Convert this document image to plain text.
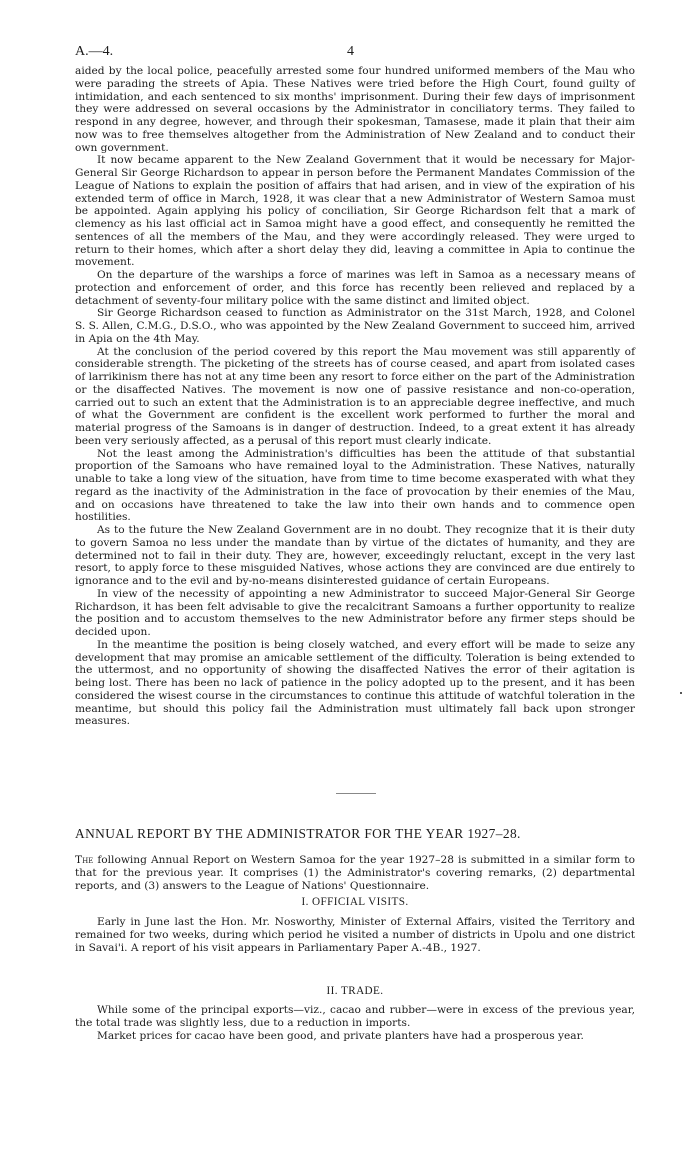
A.—4.	4

aided by the local police, peacefully arrested some four hundred uniformed members of the Mau who were parading the streets of Apia. These Natives were tried before the High Court, found guilty of intimidation, and each sentenced to six months' imprisonment. During their few days of imprisonment they were addressed on several occasions by the Administrator in conciliatory terms. They failed to respond in any degree, however, and through their spokesman, Tamasese, made it plain that their aim now was to free themselves altogether from the Administration of New Zealand and to conduct their own government.

It now became apparent to the New Zealand Government that it would be necessary for Major-General Sir George Richardson to appear in person before the Permanent Mandates Commission of the League of Nations to explain the position of affairs that had arisen, and in view of the expiration of his extended term of office in March, 1928, it was clear that a new Administrator of Western Samoa must be appointed. Again applying his policy of conciliation, Sir George Richardson felt that a mark of clemency as his last official act in Samoa might have a good effect, and consequently he remitted the sentences of all the members of the Mau, and they were accordingly released. They were urged to return to their homes, which after a short delay they did, leaving a committee in Apia to continue the movement.

On the departure of the warships a force of marines was left in Samoa as a necessary means of protection and enforcement of order, and this force has recently been relieved and replaced by a detachment of seventy-four military police with the same distinct and limited object.

Sir George Richardson ceased to function as Administrator on the 31st March, 1928, and Colonel S. S. Allen, C.M.G., D.S.O., who was appointed by the New Zealand Government to succeed him, arrived in Apia on the 4th May.

At the conclusion of the period covered by this report the Mau movement was still apparently of considerable strength. The picketing of the streets has of course ceased, and apart from isolated cases of larrikinism there has not at any time been any resort to force either on the part of the Administration or the disaffected Natives. The movement is now one of passive resistance and non-co-operation, carried out to such an extent that the Administration is to an appreciable degree ineffective, and much of what the Government are confident is the excellent work performed to further the moral and material progress of the Samoans is in danger of destruction. Indeed, to a great extent it has already been very seriously affected, as a perusal of this report must clearly indicate.

Not the least among the Administration's difficulties has been the attitude of that substantial proportion of the Samoans who have remained loyal to the Administration. These Natives, naturally unable to take a long view of the situation, have from time to time become exasperated with what they regard as the inactivity of the Administration in the face of provocation by their enemies of the Mau, and on occasions have threatened to take the law into their own hands and to commence open hostilities.

As to the future the New Zealand Government are in no doubt. They recognize that it is their duty to govern Samoa no less under the mandate than by virtue of the dictates of humanity, and they are determined not to fail in their duty. They are, however, exceedingly reluctant, except in the very last resort, to apply force to these misguided Natives, whose actions they are convinced are due entirely to ignorance and to the evil and by-no-means disinterested guidance of certain Europeans.

In view of the necessity of appointing a new Administrator to succeed Major-General Sir George Richardson, it has been felt advisable to give the recalcitrant Samoans a further opportunity to realize the position and to accustom themselves to the new Administrator before any firmer steps should be decided upon.

In the meantime the position is being closely watched, and every effort will be made to seize any development that may promise an amicable settlement of the difficulty. Toleration is being extended to the uttermost, and no opportunity of showing the disaffected Natives the error of their agitation is being lost. There has been no lack of patience in the policy adopted up to the present, and it has been considered the wisest course in the circumstances to continue this attitude of watchful toleration in the meantime, but should this policy fail the Administration must ultimately fall back upon stronger measures.

ANNUAL REPORT BY THE ADMINISTRATOR FOR THE YEAR 1927–28.

The following Annual Report on Western Samoa for the year 1927–28 is submitted in a similar form to that for the previous year. It comprises (1) the Administrator's covering remarks, (2) departmental reports, and (3) answers to the League of Nations' Questionnaire.

I. OFFICIAL VISITS.

Early in June last the Hon. Mr. Nosworthy, Minister of External Affairs, visited the Territory and remained for two weeks, during which period he visited a number of districts in Upolu and one district in Savai'i. A report of his visit appears in Parliamentary Paper A.-4B., 1927.

II. TRADE.

While some of the principal exports—viz., cacao and rubber—were in excess of the previous year, the total trade was slightly less, due to a reduction in imports.

Market prices for cacao have been good, and private planters have had a prosperous year.
